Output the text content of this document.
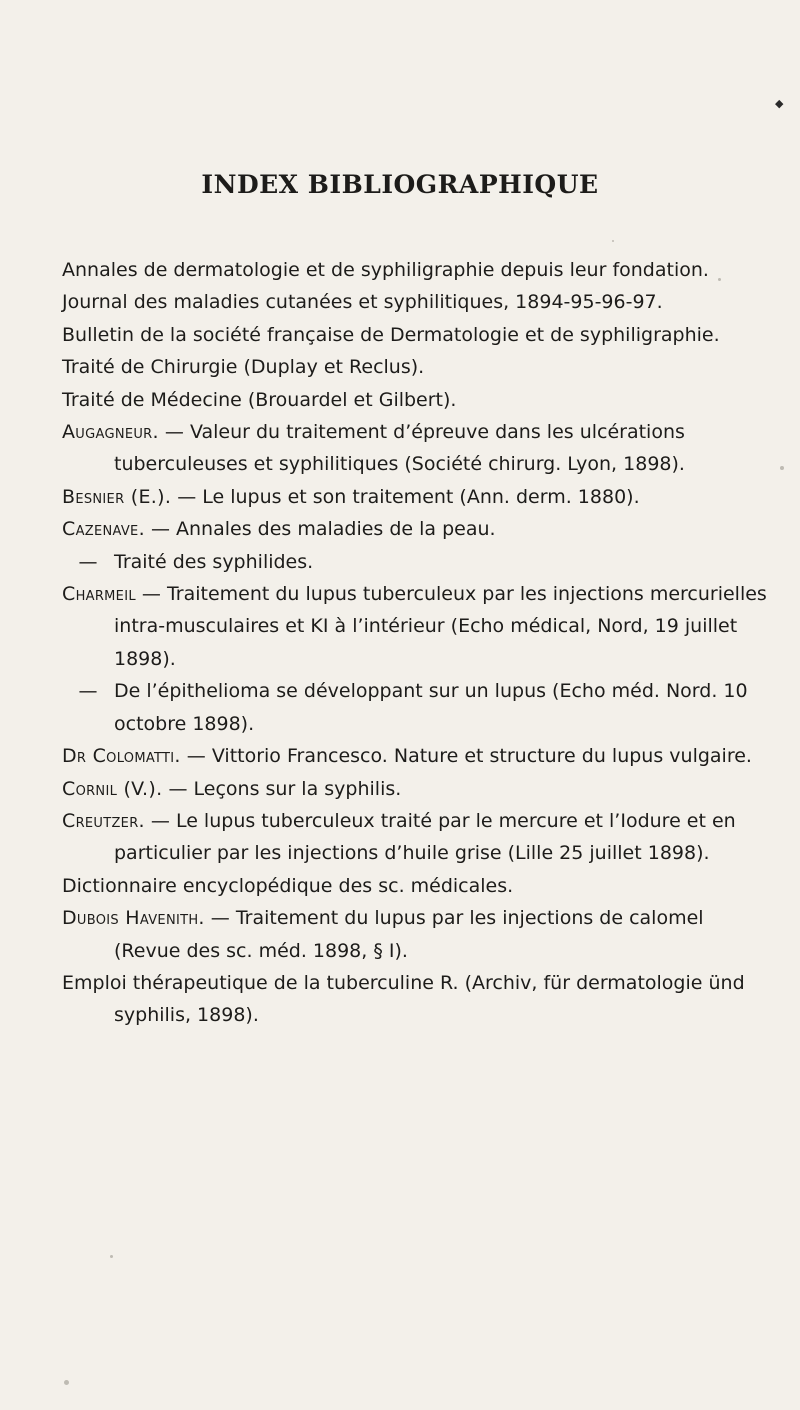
◆
INDEX BIBLIOGRAPHIQUE
Annales de dermatologie et de syphiligraphie depuis leur fondation.
Journal des maladies cutanées et syphilitiques, 1894-95-96-97.
Bulletin de la société française de Dermatologie et de syphiligraphie.
Traité de Chirurgie (Duplay et Reclus).
Traité de Médecine (Brouardel et Gilbert).
Augagneur. — Valeur du traitement d’épreuve dans les ulcérations tuberculeuses et syphilitiques (Société chirurg. Lyon, 1898).
Besnier (E.). — Le lupus et son traitement (Ann. derm. 1880).
Cazenave. — Annales des maladies de la peau.
— Traité des syphilides.
Charmeil — Traitement du lupus tuberculeux par les injections mercurielles intra-musculaires et KI à l’intérieur (Echo médical, Nord, 19 juillet 1898).
— De l’épithelioma se développant sur un lupus (Echo méd. Nord. 10 octobre 1898).
Dr Colomatti. — Vittorio Francesco. Nature et structure du lupus vulgaire.
Cornil (V.). — Leçons sur la syphilis.
Creutzer. — Le lupus tuberculeux traité par le mercure et l’Iodure et en particulier par les injections d’huile grise (Lille 25 juillet 1898).
Dictionnaire encyclopédique des sc. médicales.
Dubois Havenith. — Traitement du lupus par les injections de calomel (Revue des sc. méd. 1898, § I).
Emploi thérapeutique de la tuberculine R. (Archiv, für dermatologie ünd syphilis, 1898).
